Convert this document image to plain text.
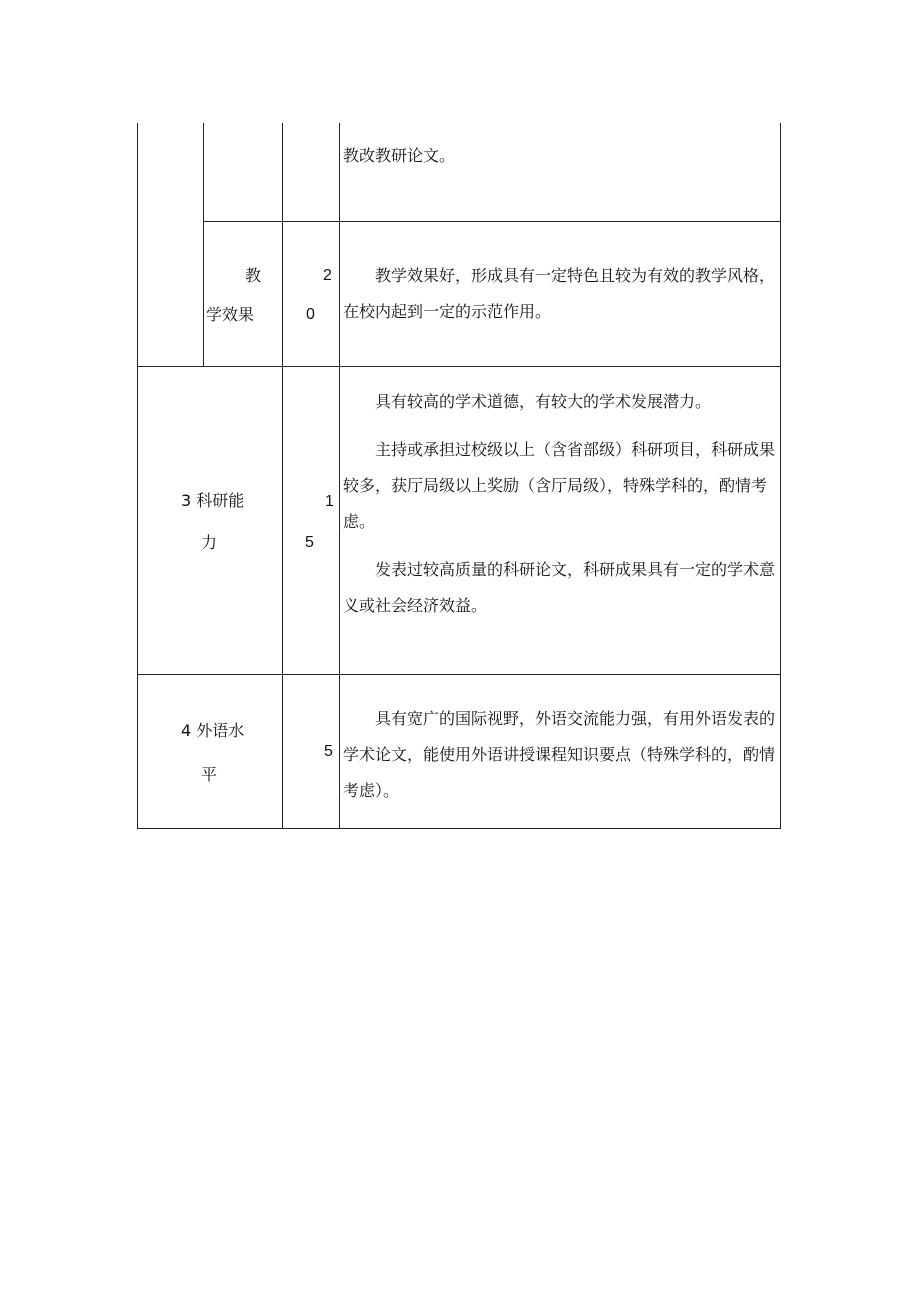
教改教研论文。
教
学效果
2
0

教学效果好，形成具有一定特色且较为有效的教学风格，在校内起到一定的示范作用。

3 科研能
力
1
5

具有较高的学术道德，有较大的学术发展潜力。

主持或承担过校级以上（含省部级）科研项目，科研成果较多，获厅局级以上奖励（含厅局级），特殊学科的，酌情考虑。

发表过较高质量的科研论文，科研成果具有一定的学术意义或社会经济效益。

4 外语水
平
5

具有宽广的国际视野，外语交流能力强，有用外语发表的学术论文，能使用外语讲授课程知识要点（特殊学科的，酌情考虑）。
